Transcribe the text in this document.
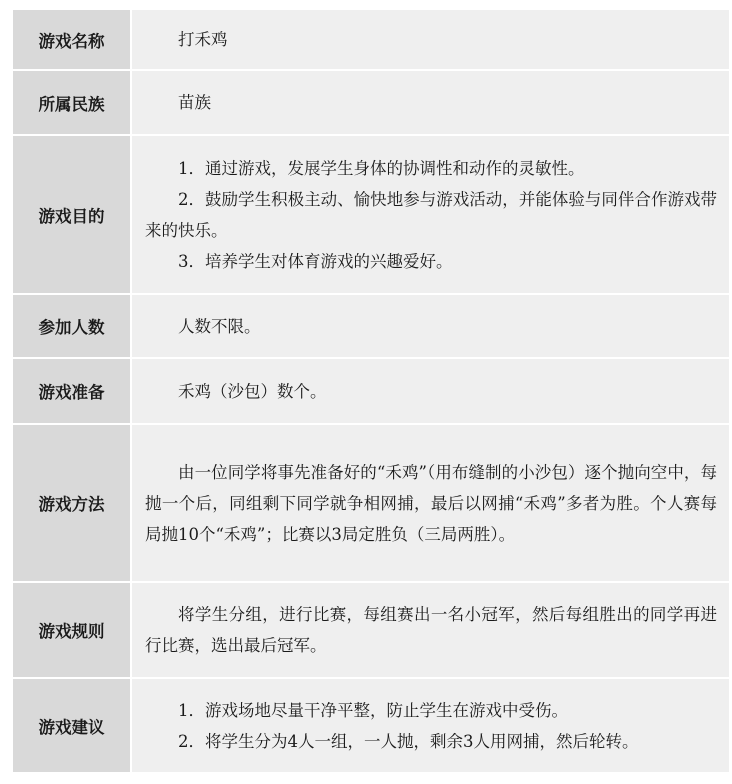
游戏名称	打禾鸡

所属民族	苗族

游戏目的	1．通过游戏，发展学生身体的协调性和动作的灵敏性。

2．鼓励学生积极主动、愉快地参与游戏活动，并能体验与同伴合作游戏带来的快乐。

3．培养学生对体育游戏的兴趣爱好。

参加人数	人数不限。

游戏准备	禾鸡（沙包）数个。

游戏方法	由一位同学将事先准备好的“禾鸡”（用布缝制的小沙包）逐个抛向空中，每抛一个后，同组剩下同学就争相网捕，最后以网捕“禾鸡”多者为胜。个人赛每局抛10个“禾鸡”；比赛以3局定胜负（三局两胜）。

游戏规则	将学生分组，进行比赛，每组赛出一名小冠军，然后每组胜出的同学再进行比赛，选出最后冠军。

游戏建议	1．游戏场地尽量干净平整，防止学生在游戏中受伤。

2．将学生分为4人一组，一人抛，剩余3人用网捕，然后轮转。
